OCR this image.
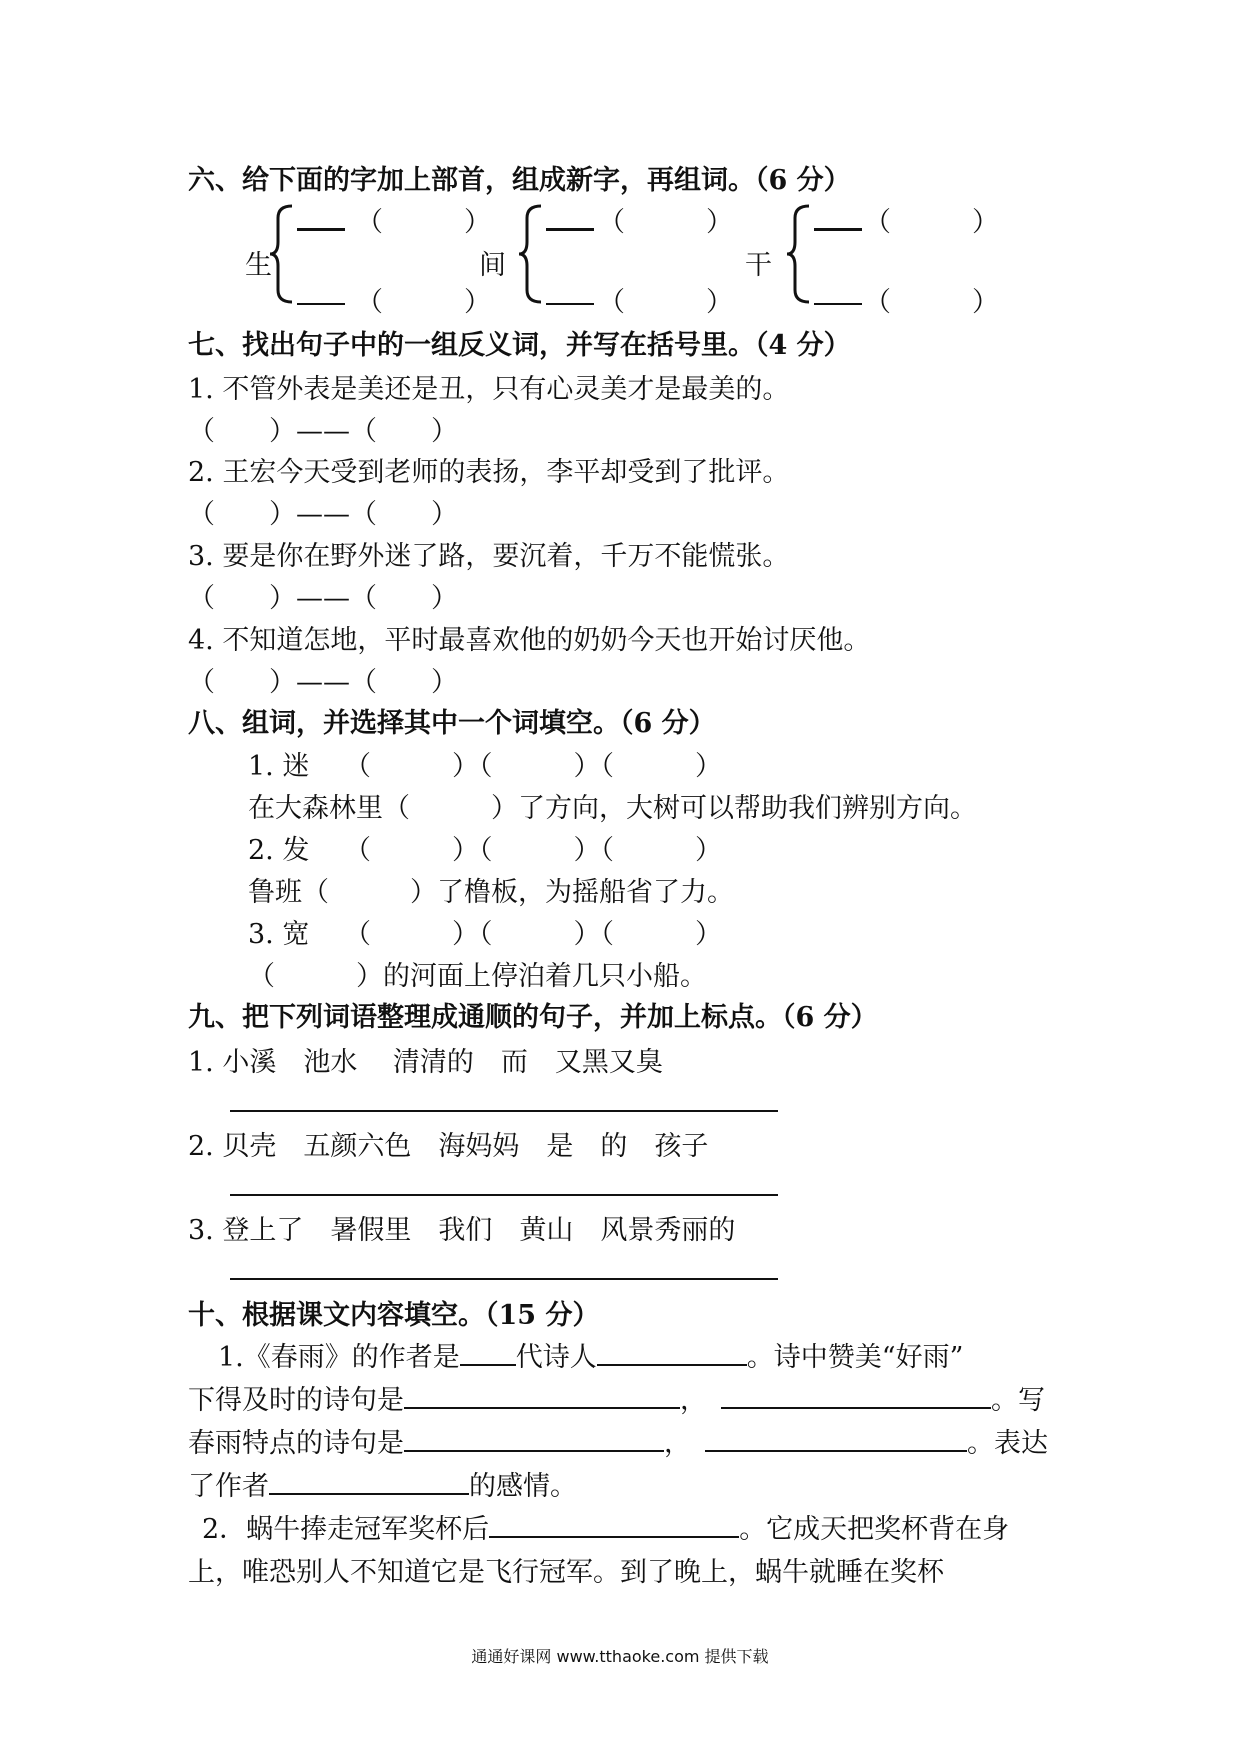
六、给下面的字加上部首，组成新字，再组词。（6 分）
生
（　　　）
（　　　）
间
（　　　）
（　　　）
干
（　　　）
（　　　）
七、找出句子中的一组反义词，并写在括号里。（4 分）
1. 不管外表是美还是丑，只有心灵美才是最美的。
（　　）——（　　）
2. 王宏今天受到老师的表扬，李平却受到了批评。
（　　）——（　　）
3. 要是你在野外迷了路，要沉着，千万不能慌张。
（　　）——（　　）
4. 不知道怎地，平时最喜欢他的奶奶今天也开始讨厌他。
（　　）——（　　）
八、组词，并选择其中一个词填空。（6 分）
1. 迷 （　　　）（　　　）（　　　）
在大森林里（　　　）了方向，大树可以帮助我们辨别方向。
2. 发 （　　　）（　　　）（　　　）
鲁班（　　　）了橹板，为摇船省了力。
3. 宽 （　　　）（　　　）（　　　）
（　　　）的河面上停泊着几只小船。
九、把下列词语整理成通顺的句子，并加上标点。（6 分）
1. 小溪　池水　 清清的　而　又黑又臭
2. 贝壳　五颜六色　海妈妈　是　的　孩子
3. 登上了　暑假里　我们　黄山　风景秀丽的
十、根据课文内容填空。（15 分）
1.《春雨》的作者是 代诗人	。诗中赞美“好雨”
下得及时的诗句是	，	。写
春雨特点的诗句是	，	。表达
了作者	的感情。
2．蜗牛捧走冠军奖杯后	。它成天把奖杯背在身
上，唯恐别人不知道它是飞行冠军。到了晚上，蜗牛就睡在奖杯
通通好课网 www.tthaoke.com 提供下载
